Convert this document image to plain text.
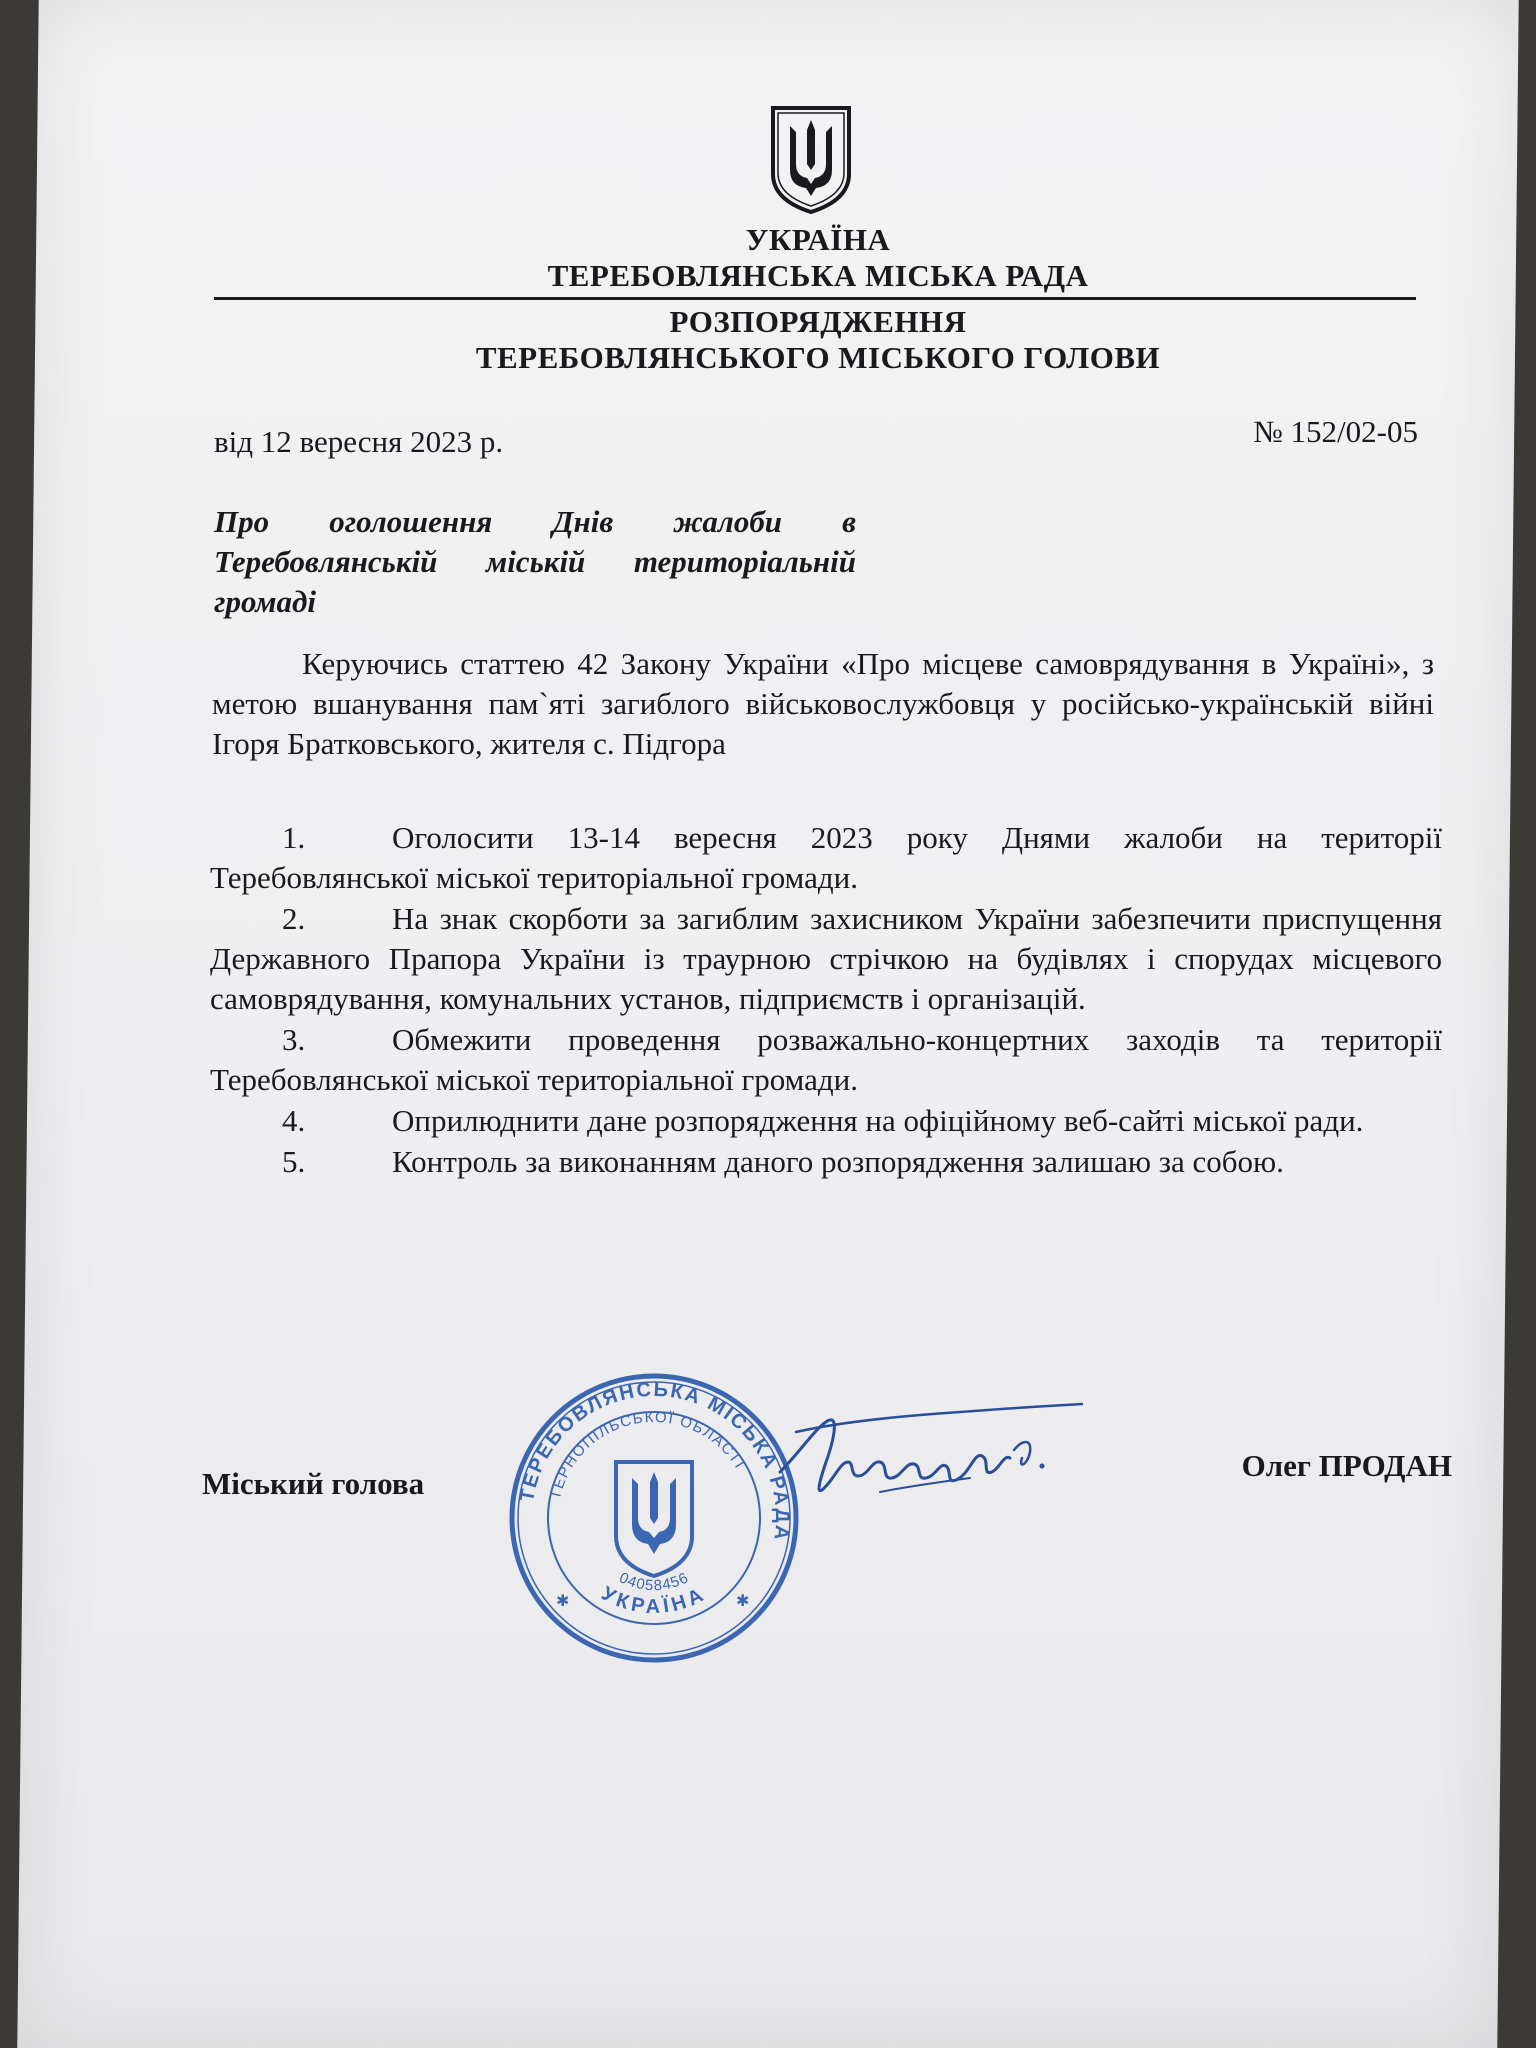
УКРАЇНА
ТЕРЕБОВЛЯНСЬКА МІСЬКА РАДА
РОЗПОРЯДЖЕННЯ
ТЕРЕБОВЛЯНСЬКОГО МІСЬКОГО ГОЛОВИ
від 12 вересня 2023 р.	№ 152/02-05
Про оголошення Днів жалоби в Теребовлянській міській територіальній громаді
Керуючись статтею 42 Закону України «Про місцеве самоврядування в Україні», з метою вшанування пам`яті загиблого військовослужбовця у російсько-українській війні Ігоря Братковського, жителя с. Підгора
1.	Оголосити 13-14 вересня 2023 року Днями жалоби на території Теребовлянської міської територіальної громади.
2.	На знак скорботи за загиблим захисником України забезпечити приспущення Державного Прапора України із траурною стрічкою на будівлях і спорудах місцевого самоврядування, комунальних установ, підприємств і організацій.
3.	Обмежити проведення розважально-концертних заходів та території Теребовлянської міської територіальної громади.
4.	Оприлюднити дане розпорядження на офіційному веб-сайті міської ради.
5.	Контроль за виконанням даного розпорядження залишаю за собою.
Міський голова
Олег ПРОДАН
ТЕРЕБОВЛЯНСЬКА МІСЬКА РАДА
ТЕРНОПІЛЬСЬКОЇ ОБЛАСТІ
УКРАЇНА
04058456
✱	✱
